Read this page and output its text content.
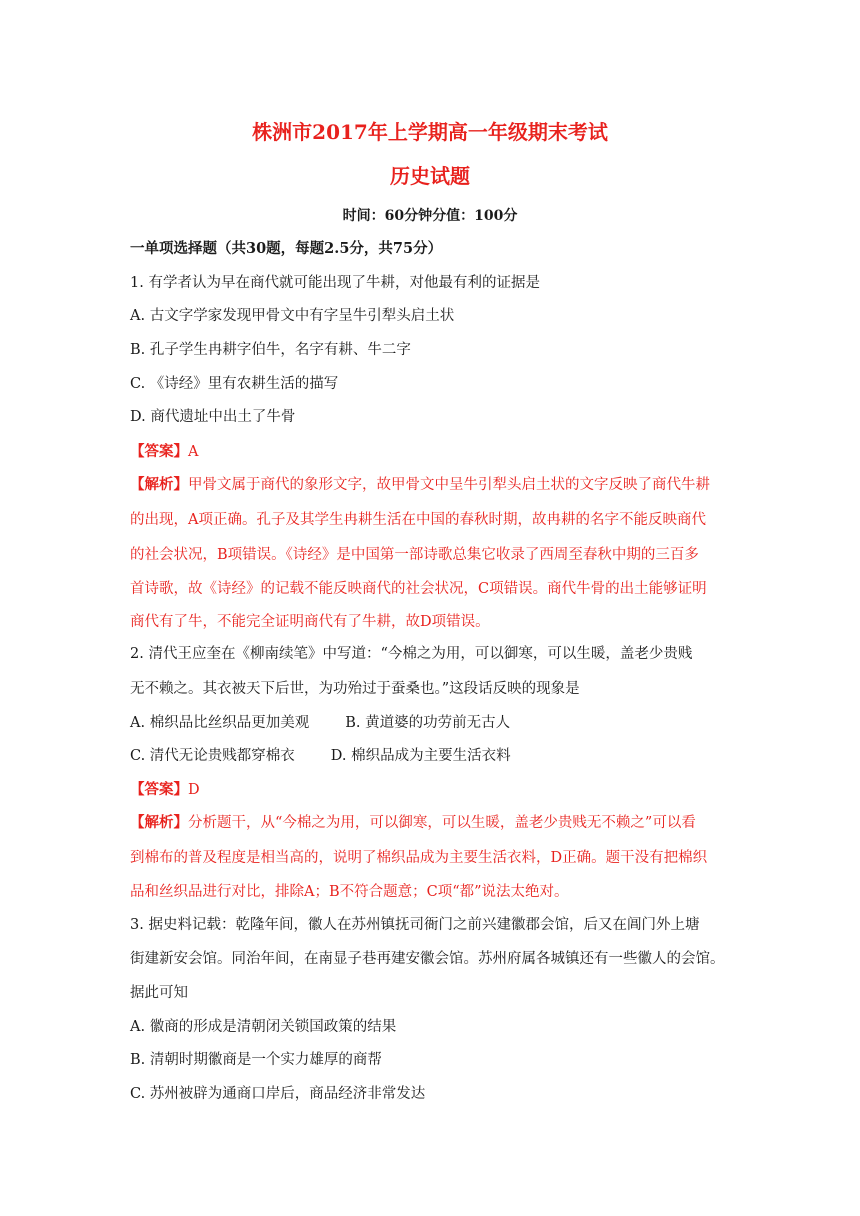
株洲市2017年上学期高一年级期末考试
历史试题
时间：60分钟分值：100分
一单项选择题（共30题，每题2.5分，共75分）
1. 有学者认为早在商代就可能出现了牛耕，对他最有利的证据是
A. 古文字学家发现甲骨文中有字呈牛引犁头启土状
B. 孔子学生冉耕字伯牛，名字有耕、牛二字
C. 《诗经》里有农耕生活的描写
D. 商代遗址中出土了牛骨
【答案】A
【解析】甲骨文属于商代的象形文字，故甲骨文中呈牛引犁头启土状的文字反映了商代牛耕
的出现，A项正确。孔子及其学生冉耕生活在中国的春秋时期，故冉耕的名字不能反映商代
的社会状况，B项错误。《诗经》是中国第一部诗歌总集它收录了西周至春秋中期的三百多
首诗歌，故《诗经》的记载不能反映商代的社会状况，C项错误。商代牛骨的出土能够证明
商代有了牛，不能完全证明商代有了牛耕，故D项错误。
2. 清代王应奎在《柳南续笔》中写道：“今棉之为用，可以御寒，可以生暖，盖老少贵贱
无不赖之。其衣被天下后世，为功殆过于蚕桑也。”这段话反映的现象是
A. 棉织品比丝织品更加美观 B. 黄道婆的功劳前无古人
C. 清代无论贵贱都穿棉衣 D. 棉织品成为主要生活衣料
【答案】D
【解析】分析题干，从“今棉之为用，可以御寒，可以生暖，盖老少贵贱无不赖之”可以看
到棉布的普及程度是相当高的，说明了棉织品成为主要生活衣料，D正确。题干没有把棉织
品和丝织品进行对比，排除A；B不符合题意；C项“都”说法太绝对。
3. 据史料记载：乾隆年间，徽人在苏州镇抚司衙门之前兴建徽郡会馆，后又在阊门外上塘
街建新安会馆。同治年间，在南显子巷再建安徽会馆。苏州府属各城镇还有一些徽人的会馆。
据此可知
A. 徽商的形成是清朝闭关锁国政策的结果
B. 清朝时期徽商是一个实力雄厚的商帮
C. 苏州被辟为通商口岸后，商品经济非常发达
